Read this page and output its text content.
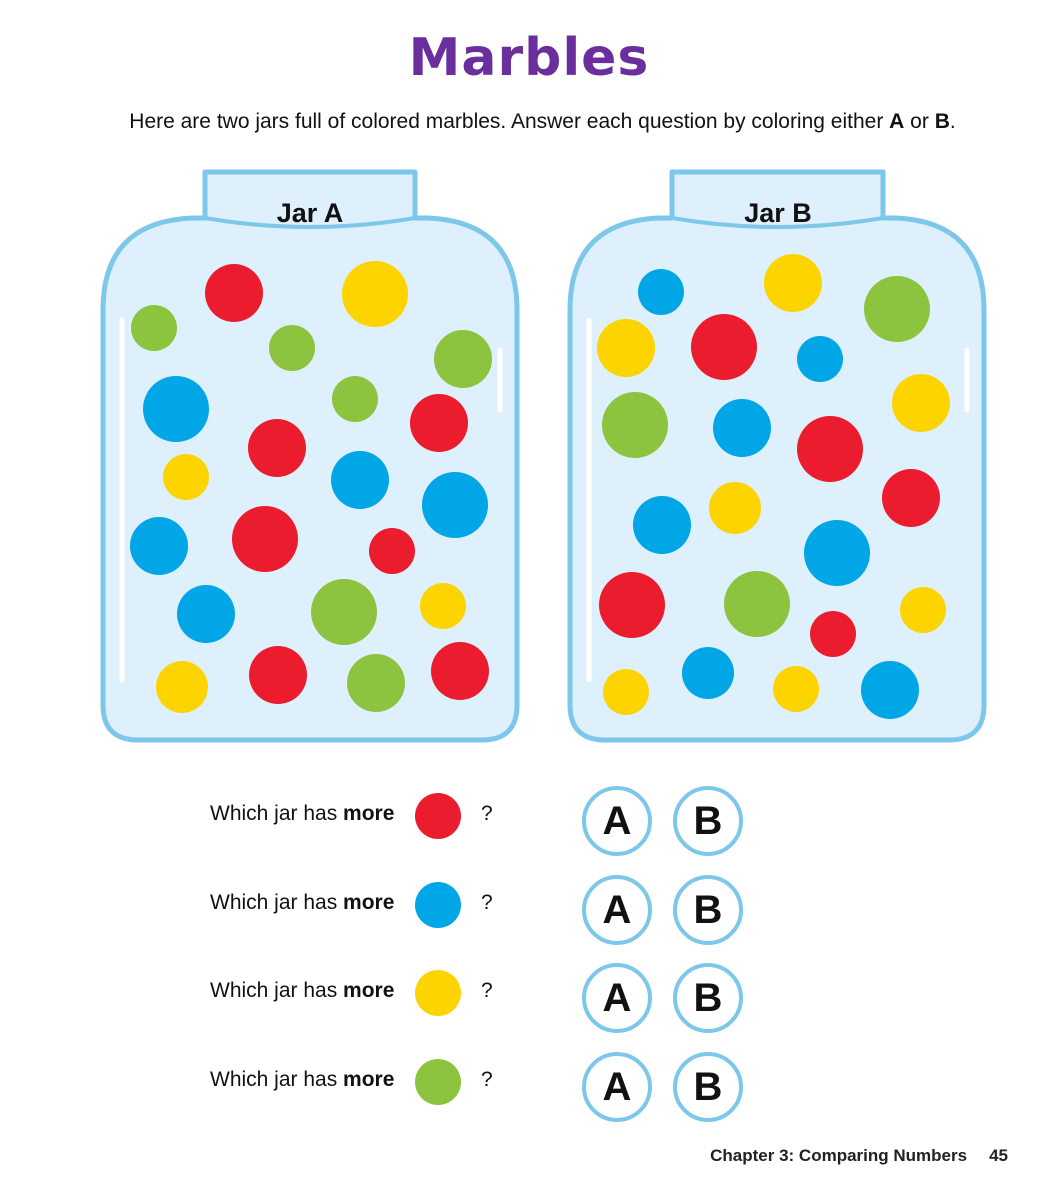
Marbles
Here are two jars full of colored marbles. Answer each question by coloring either A or B.
Jar A	Jar B
Which jar has more	?	A	B
Which jar has more	?	A	B
Which jar has more	?	A	B
Which jar has more	?	A	B
Chapter 3: Comparing Numbers 45
